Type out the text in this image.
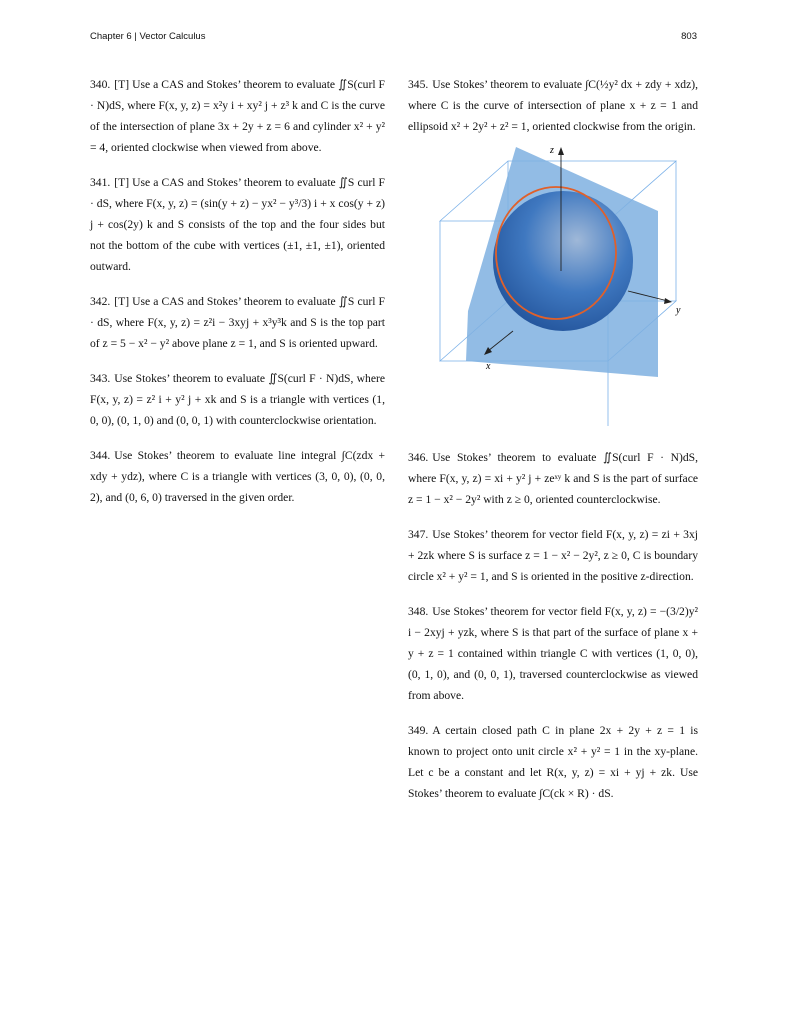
Chapter 6 | Vector Calculus	803

340. [T] Use a CAS and Stokes’ theorem to evaluate ∬S(curl F · N)dS, where F(x, y, z) = x²y i + xy² j + z³ k and C is the curve of the intersection of plane 3x + 2y + z = 6 and cylinder x² + y² = 4, oriented clockwise when viewed from above.

341. [T] Use a CAS and Stokes’ theorem to evaluate ∬S curl F · dS, where F(x, y, z) = (sin(y + z) − yx² − y³/3) i + x cos(y + z) j + cos(2y) k and S consists of the top and the four sides but not the bottom of the cube with vertices (±1, ±1, ±1), oriented outward.

342. [T] Use a CAS and Stokes’ theorem to evaluate ∬S curl F · dS, where F(x, y, z) = z²i − 3xyj + x³y³k and S is the top part of z = 5 − x² − y² above plane z = 1, and S is oriented upward.

343. Use Stokes’ theorem to evaluate ∬S(curl F · N)dS, where F(x, y, z) = z² i + y² j + xk and S is a triangle with vertices (1, 0, 0), (0, 1, 0) and (0, 0, 1) with counterclockwise orientation.

344. Use Stokes’ theorem to evaluate line integral ∫C(zdx + xdy + ydz), where C is a triangle with vertices (3, 0, 0), (0, 0, 2), and (0, 6, 0) traversed in the given order.

345. Use Stokes’ theorem to evaluate ∫C(½y² dx + zdy + xdz), where C is the curve of intersection of plane x + z = 1 and ellipsoid x² + 2y² + z² = 1, oriented clockwise from the origin.

z
x
y

346. Use Stokes’ theorem to evaluate ∬S(curl F · N)dS, where F(x, y, z) = xi + y² j + zeˣʸ k and S is the part of surface z = 1 − x² − 2y² with z ≥ 0, oriented counterclockwise.

347. Use Stokes’ theorem for vector field F(x, y, z) = zi + 3xj + 2zk where S is surface z = 1 − x² − 2y², z ≥ 0, C is boundary circle x² + y² = 1, and S is oriented in the positive z-direction.

348. Use Stokes’ theorem for vector field F(x, y, z) = −(3/2)y² i − 2xyj + yzk, where S is that part of the surface of plane x + y + z = 1 contained within triangle C with vertices (1, 0, 0), (0, 1, 0), and (0, 0, 1), traversed counterclockwise as viewed from above.

349. A certain closed path C in plane 2x + 2y + z = 1 is known to project onto unit circle x² + y² = 1 in the xy-plane. Let c be a constant and let R(x, y, z) = xi + yj + zk. Use Stokes’ theorem to evaluate ∫C(ck × R) · dS.
